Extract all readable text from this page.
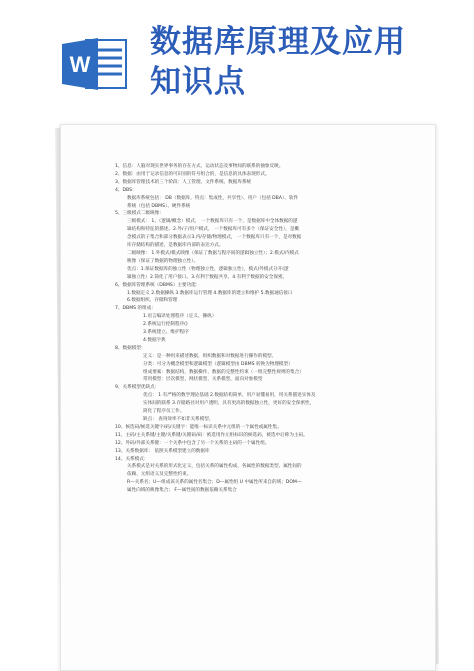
W
数据库原理及应用
知识点

1、信息：人脑对现实世界事务的存在方式、运动状态及事物间的联系的抽象反映。

2、数据：由用于记录信息的可识别的符号组合的，是信息的具体表现形式。

3、数据库管理技术的三个阶段：人工管理、文件系统、数据库系统

4、DBS：

数据库系统包括： DB（数据库，特点：集成性，共享性）、用户（包括 DBA）、软件

系统（包括 DBMS）、硬件系统

5、三级模式二级映像：

三级模式： 1、（逻辑/概念）模式， 一个数据库只有一个，是数据库中全体数据的逻

辑结构和特征的描述。2.外/子/用户模式， 一个数据库可有多个（保证安全性），是概

念模式的子集合和部分数据表示3.内/存储/物理模式， 一个数据库只有一个，是对数据

库存储结构的描述，是数据库内部的表达方式。

二级映像： 1.外模式/模式映像（保证了数据与程序间的逻辑独立性）；2.模式/内模式

映像（保证了数据的物理独立性）。

优点：1.保证数据库的独立性（物理独立性，逻辑独立性），模式/外模式分开(逻

辑独立性）2.简化了用户接口。3.有利于数据共享。4.有利于数据的安全保密。

6、数据库管理系统（DBMS）主要功能：

1.数据定义 2.数据操纵 3.数据库运行管理 4.数据库的建立和维护 5.数据通信接口

6.数据组织、存储和管理

7、DBMS 的组成：

1.语言编译处理程序（定义、操纵）

2.系统运行控制程序()

3.系统建立、维护程序

4.数据字典

8、数据模型：

定义：是一种用来描述数据，组织数据和对数据进行操作的模型。

分类：可分为概念模型和逻辑模型（逻辑模型由 DBMS 转换为物理模型）

组成要素：数据结构，数据操作，数据的完整性约束（一组完整性规则的集合）

常用模型：层次模型，网状模型，关系模型，面向对象模型

9、关系模型优缺点：

优点： 1 有严格的数学理论基础 2.数据结构简单，用户易懂易用，用关系描述实体及

实体间的联系 3.存储路径对用户透明，具有更高的数据独立性，更好的安全保密性，

简化了程序员工作。

缺点： 查询效率不如非关系模型。

10、候选码/候选关键字/码/关键字：能唯一标识关系中元组的一个属性或属性集。

11、主码/主关系键/主键/关系键/关键码/码：被选用作元组标识的候选码，被选中后称为主码。

12、外码/外部关系键：一个关系中包含了另一个关系的主码的一个属性组。

13、关系数据库： 依照关系模型建立的数据库

14、关系模式：

关系模式是对关系的形式化定义，包括关系的属性构成、各属性的数据类型、属性间的

依赖、元组语义及完整性约束。

R—关系名；U—组成该关系的属性名集合；D—属性组 U 中属性所来自的域；DOM—

属性向域的映像集合； F—属性间的数据依赖关系集合
